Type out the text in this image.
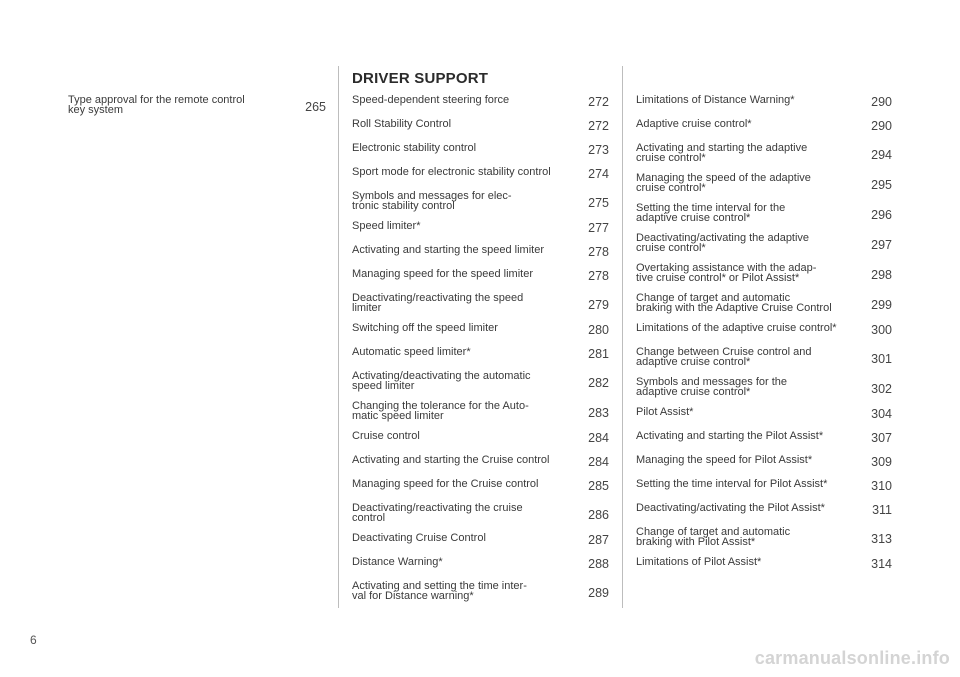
Type approval for the remote control
key system	265
DRIVER SUPPORT
Speed-dependent steering force	272
Roll Stability Control	272
Electronic stability control	273
Sport mode for electronic stability control	274
Symbols and messages for elec-
tronic stability control	275
Speed limiter*	277
Activating and starting the speed limiter	278
Managing speed for the speed limiter	278
Deactivating/reactivating the speed
limiter	279
Switching off the speed limiter	280
Automatic speed limiter*	281
Activating/deactivating the automatic
speed limiter	282
Changing the tolerance for the Auto-
matic speed limiter	283
Cruise control	284
Activating and starting the Cruise control	284
Managing speed for the Cruise control	285
Deactivating/reactivating the cruise
control	286
Deactivating Cruise Control	287
Distance Warning*	288
Activating and setting the time inter-
val for Distance warning*	289
Limitations of Distance Warning*	290
Adaptive cruise control*	290
Activating and starting the adaptive
cruise control*	294
Managing the speed of the adaptive
cruise control*	295
Setting the time interval for the
adaptive cruise control*	296
Deactivating/activating the adaptive
cruise control*	297
Overtaking assistance with the adap-
tive cruise control* or Pilot Assist*	298
Change of target and automatic
braking with the Adaptive Cruise Control	299
Limitations of the adaptive cruise control*	300
Change between Cruise control and
adaptive cruise control*	301
Symbols and messages for the
adaptive cruise control*	302
Pilot Assist*	304
Activating and starting the Pilot Assist*	307
Managing the speed for Pilot Assist*	309
Setting the time interval for Pilot Assist*	310
Deactivating/activating the Pilot Assist*	311
Change of target and automatic
braking with Pilot Assist*	313
Limitations of Pilot Assist*	314
6
carmanualsonline.info
